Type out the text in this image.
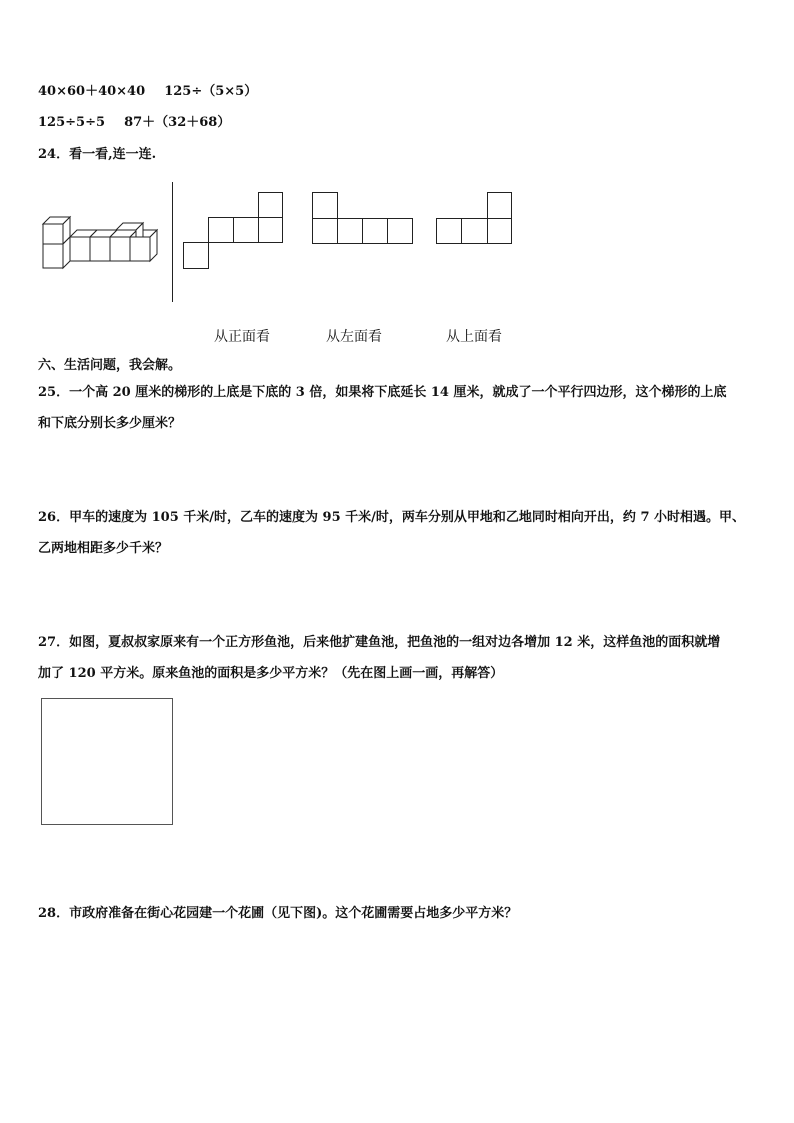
40×60＋40×40 125÷（5×5）
125÷5÷5 87＋（32＋68）
24．看一看,连一连.
从正面看	从左面看	从上面看
六、生活问题，我会解。
25．一个高 20 厘米的梯形的上底是下底的 3 倍，如果将下底延长 14 厘米，就成了一个平行四边形，这个梯形的上底
和下底分别长多少厘米？
26．甲车的速度为 105 千米/时，乙车的速度为 95 千米/时，两车分别从甲地和乙地同时相向开出，约 7 小时相遇。甲、
乙两地相距多少千米？
27．如图，夏叔叔家原来有一个正方形鱼池，后来他扩建鱼池，把鱼池的一组对边各增加 12 米，这样鱼池的面积就增
加了 120 平方米。原来鱼池的面积是多少平方米？（先在图上画一画，再解答）
28．市政府准备在街心花园建一个花圃（见下图)。这个花圃需要占地多少平方米？
